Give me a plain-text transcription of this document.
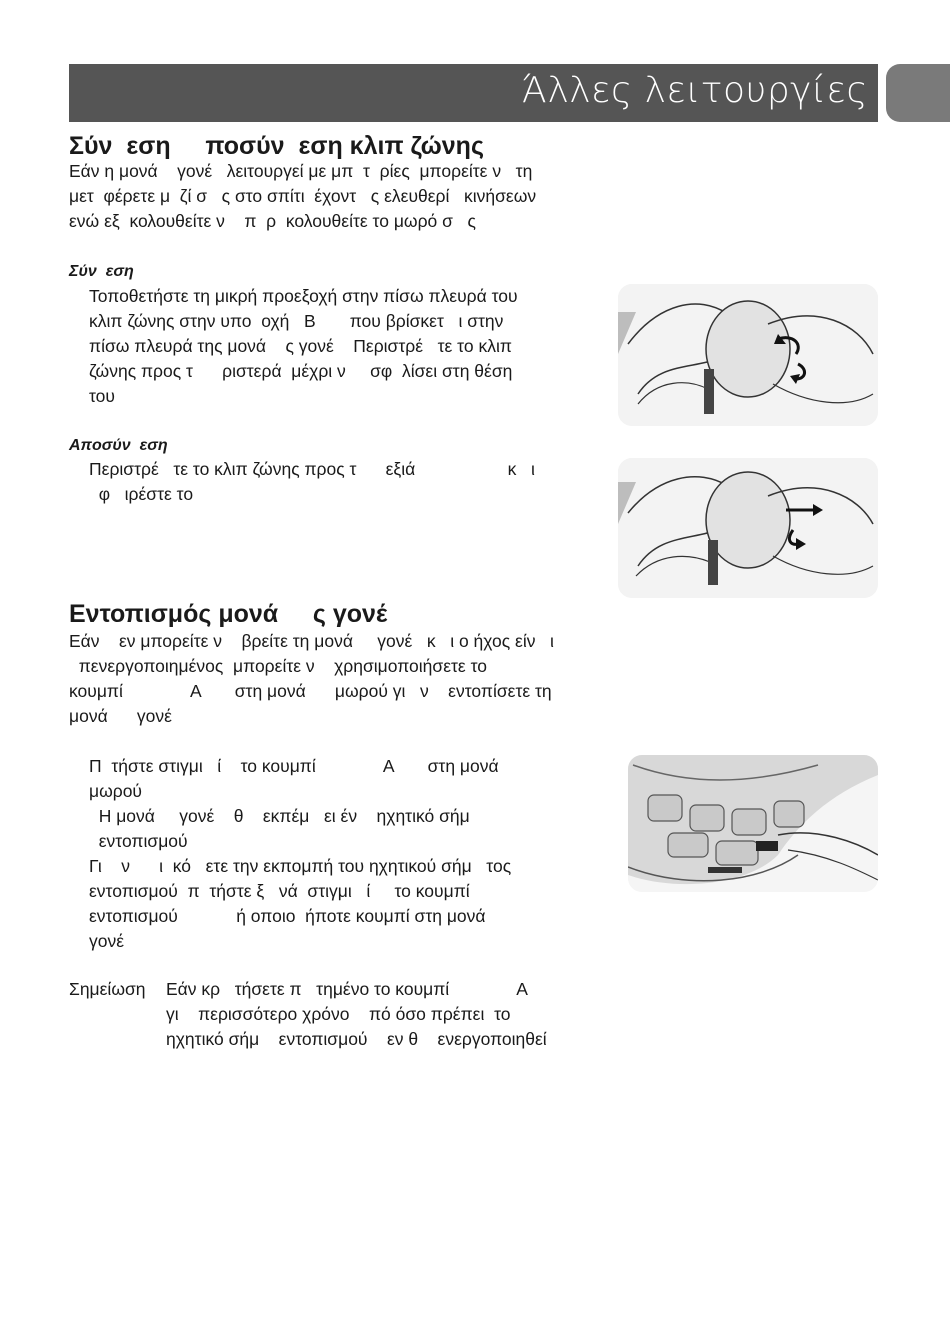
Άλλες λειτουργίες
Σύν  εση     ποσύν  εση κλιπ ζώνης
Εάν η μονά    γονέ   λειτουργεί με μπ  τ  ρίες  μπορείτε ν   τη
μετ  φέρετε μ  ζί σ   ς στο σπίτι  έχοντ   ς ελευθερί   κινήσεων
ενώ εξ  κολουθείτε ν    π  ρ  κολουθείτε το μωρό σ   ς
Σύν  εση
Τοποθετήστε τη μικρή προεξοχή στην πίσω πλευρά του
κλιπ ζώνης στην υπο  οχή   Β       που βρίσκετ   ι στην
πίσω πλευρά της μονά    ς γονέ    Περιστρέ   τε το κλιπ
ζώνης προς τ      ριστερά  μέχρι ν     σφ  λίσει στη θέση
του
Αποσύν  εση
Περιστρέ   τε το κλιπ ζώνης προς τ      εξιά                   κ   ι
φ   ιρέστε το
Εντοπισμός μονά     ς γονέ
Εάν    εν μπορείτε ν    βρείτε τη μονά     γονέ   κ   ι ο ήχος είν   ι
πενεργοποιημένος  μπορείτε ν    χρησιμοποιήσετε το
κουμπί              Α       στη μονά      μωρού γι   ν    εντοπίσετε τη
μονά      γονέ
Π  τήστε στιγμι   ί    το κουμπί              Α       στη μονά
μωρού
Η μονά     γονέ    θ    εκπέμ   ει έν    ηχητικό σήμ
εντοπισμού
Γι    ν      ι  κό   ετε την εκπομπή του ηχητικού σήμ   τος
εντοπισμού  π  τήστε ξ   νά  στιγμι   ί     το κουμπί
εντοπισμού            ή οποιο  ήποτε κουμπί στη μονά
γονέ
Σημείωση Εάν κρ   τήσετε π   τημένο το κουμπί              Α
γι    περισσότερο χρόνο    πό όσο πρέπει  το
ηχητικό σήμ    εντοπισμού    εν θ    ενεργοποιηθεί
